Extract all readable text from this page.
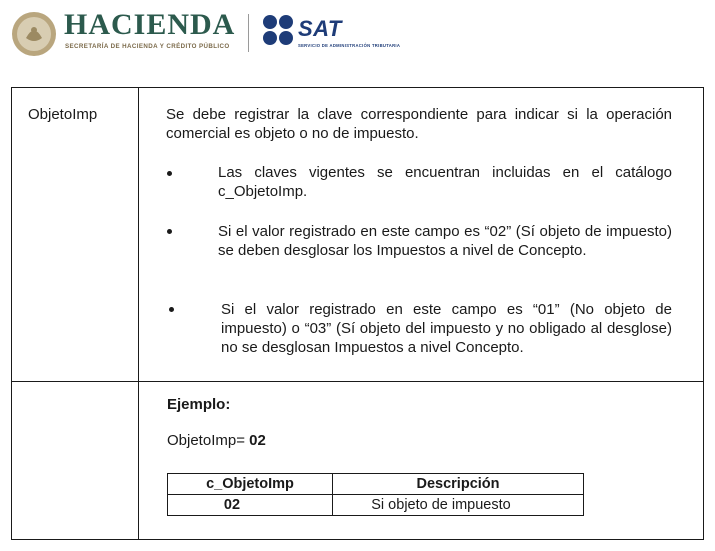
HACIENDA
SECRETARÍA DE HACIENDA Y CRÉDITO PÚBLICO
SAT
SERVICIO DE ADMINISTRACIÓN TRIBUTARIA
ObjetoImp	Se debe registrar la clave correspondiente para indicar si la operación comercial es objeto o no de impuesto.
Las claves vigentes se encuentran incluidas en el catálogo c_ObjetoImp.
Si el valor registrado en este campo es “02” (Sí objeto de impuesto) se deben desglosar los Impuestos a nivel de Concepto.
Si el valor registrado en este campo es “01” (No objeto de impuesto) o “03” (Sí objeto del impuesto y no obligado al desglose) no se desglosan Impuestos a nivel Concepto.
Ejemplo:
ObjetoImp= 02
c_ObjetoImp	Descripción
02	Si objeto de impuesto
